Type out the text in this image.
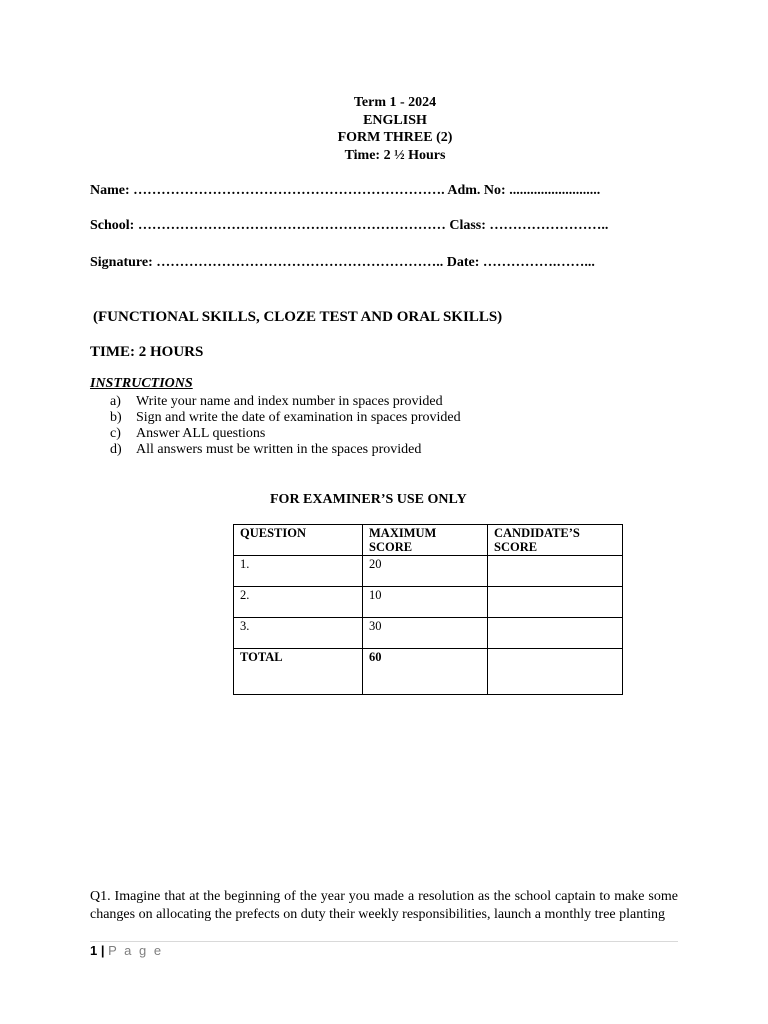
Term 1 - 2024
ENGLISH
FORM THREE (2)
Time: 2 ½ Hours
Name: …………………………………………………………. Adm. No: ..........................
School: ………………………………………………………… Class: ……………………..
Signature: …………………………………………………….. Date: …………….……...
(FUNCTIONAL SKILLS, CLOZE TEST AND ORAL SKILLS)
TIME: 2 HOURS
INSTRUCTIONS
a) Write your name and index number in spaces provided
b) Sign and write the date of examination in spaces provided
c) Answer ALL questions
d) All answers must be written in the spaces provided
FOR EXAMINER’S USE ONLY
QUESTION	MAXIMUM SCORE	CANDIDATE’S SCORE
1.	20	
2.	10	
3.	30	
TOTAL	60	
Q1. Imagine that at the beginning of the year you made a resolution as the school captain to make some changes on allocating the prefects on duty their weekly responsibilities, launch a monthly tree planting
1 | P a g e
